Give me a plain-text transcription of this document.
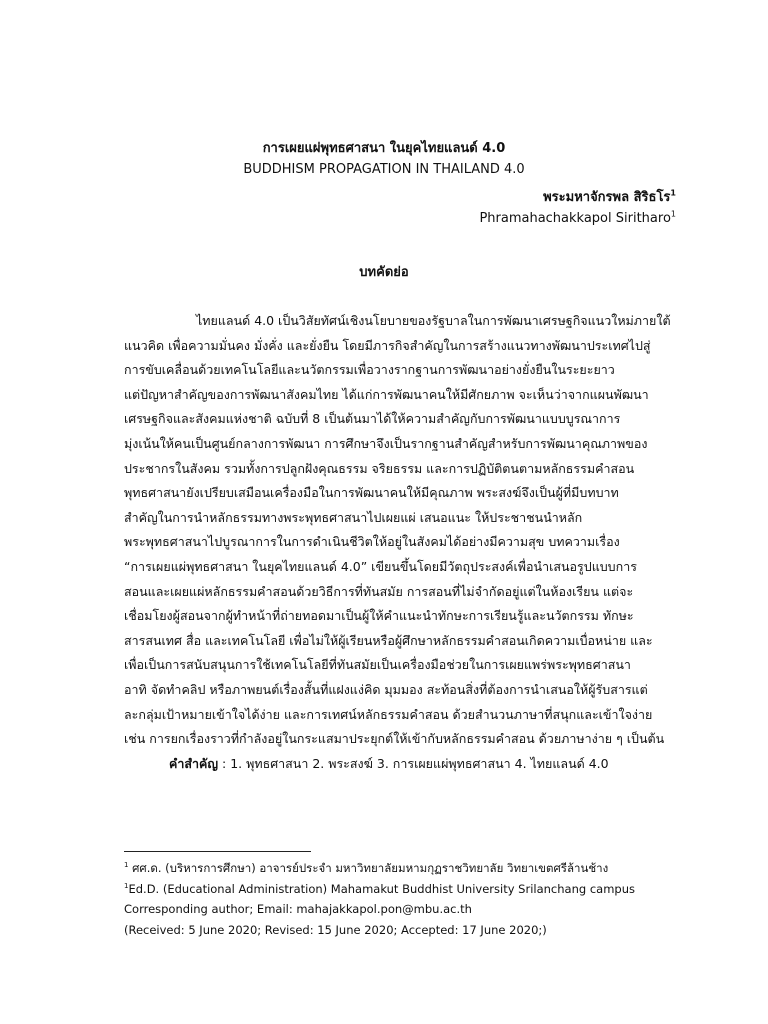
การเผยแผ่พุทธศาสนา ในยุคไทยแลนด์ 4.0
BUDDHISM PROPAGATION IN THAILAND 4.0
พระมหาจักรพล สิริธโร$^1$
Phramahachakkapol Siritharo$^1$
บทคัดย่อ
ไทยแลนด์ 4.0 เป็นวิสัยทัศน์เชิงนโยบายของรัฐบาลในการพัฒนาเศรษฐกิจแนวใหม่ภายใต้
แนวคิด เพื่อความมั่นคง มั่งคั่ง และยั่งยืน โดยมีภารกิจสำคัญในการสร้างแนวทางพัฒนาประเทศไปสู่
การขับเคลื่อนด้วยเทคโนโลยีและนวัตกรรมเพื่อวางรากฐานการพัฒนาอย่างยั่งยืนในระยะยาว
แต่ปัญหาสำคัญของการพัฒนาสังคมไทย ได้แก่การพัฒนาคนให้มีศักยภาพ จะเห็นว่าจากแผนพัฒนา
เศรษฐกิจและสังคมแห่งชาติ ฉบับที่ 8 เป็นต้นมาได้ให้ความสำคัญกับการพัฒนาแบบบูรณาการ
มุ่งเน้นให้คนเป็นศูนย์กลางการพัฒนา การศึกษาจึงเป็นรากฐานสำคัญสำหรับการพัฒนาคุณภาพของ
ประชากรในสังคม รวมทั้งการปลูกฝังคุณธรรม จริยธรรม และการปฏิบัติตนตามหลักธรรมคำสอน
พุทธศาสนายังเปรียบเสมือนเครื่องมือในการพัฒนาคนให้มีคุณภาพ พระสงฆ์จึงเป็นผู้ที่มีบทบาท
สำคัญในการนำหลักธรรมทางพระพุทธศาสนาไปเผยแผ่ เสนอแนะ ให้ประชาชนนำหลัก
พระพุทธศาสนาไปบูรณาการในการดำเนินชีวิตให้อยู่ในสังคมได้อย่างมีความสุข บทความเรื่อง
“การเผยแผ่พุทธศาสนา ในยุคไทยแลนด์ 4.0” เขียนขึ้นโดยมีวัตถุประสงค์เพื่อนำเสนอรูปแบบการ
สอนและเผยแผ่หลักธรรมคำสอนด้วยวิธีการที่ทันสมัย การสอนที่ไม่จำกัดอยู่แต่ในห้องเรียน แต่จะ
เชื่อมโยงผู้สอนจากผู้ทำหน้าที่ถ่ายทอดมาเป็นผู้ให้คำแนะนำทักษะการเรียนรู้และนวัตกรรม ทักษะ
สารสนเทศ สื่อ และเทคโนโลยี เพื่อไม่ให้ผู้เรียนหรือผู้ศึกษาหลักธรรมคำสอนเกิดความเบื่อหน่าย และ
เพื่อเป็นการสนับสนุนการใช้เทคโนโลยีที่ทันสมัยเป็นเครื่องมือช่วยในการเผยแพร่พระพุทธศาสนา
อาทิ จัดทำคลิป หรือภาพยนต์เรื่องสั้นที่แฝงแง่คิด มุมมอง สะท้อนสิ่งที่ต้องการนำเสนอให้ผู้รับสารแต่
ละกลุ่มเป้าหมายเข้าใจได้ง่าย และการเทศน์หลักธรรมคำสอน ด้วยสำนวนภาษาที่สนุกและเข้าใจง่าย
เช่น การยกเรื่องราวที่กำลังอยู่ในกระแสมาประยุกต์ให้เข้ากับหลักธรรมคำสอน ด้วยภาษาง่าย ๆ เป็นต้น
คำสำคัญ : 1. พุทธศาสนา 2. พระสงฆ์ 3. การเผยแผ่พุทธศาสนา 4. ไทยแลนด์ 4.0
$^1$ ศศ.ด. (บริหารการศึกษา) อาจารย์ประจำ มหาวิทยาลัยมหามกุฏราชวิทยาลัย วิทยาเขตศรีล้านช้าง
$^1$Ed.D. (Educational Administration) Mahamakut Buddhist University Srilanchang campus
Corresponding author; Email: mahajakkapol.pon@mbu.ac.th
(Received: 5 June 2020; Revised: 15 June 2020; Accepted: 17 June 2020;)
